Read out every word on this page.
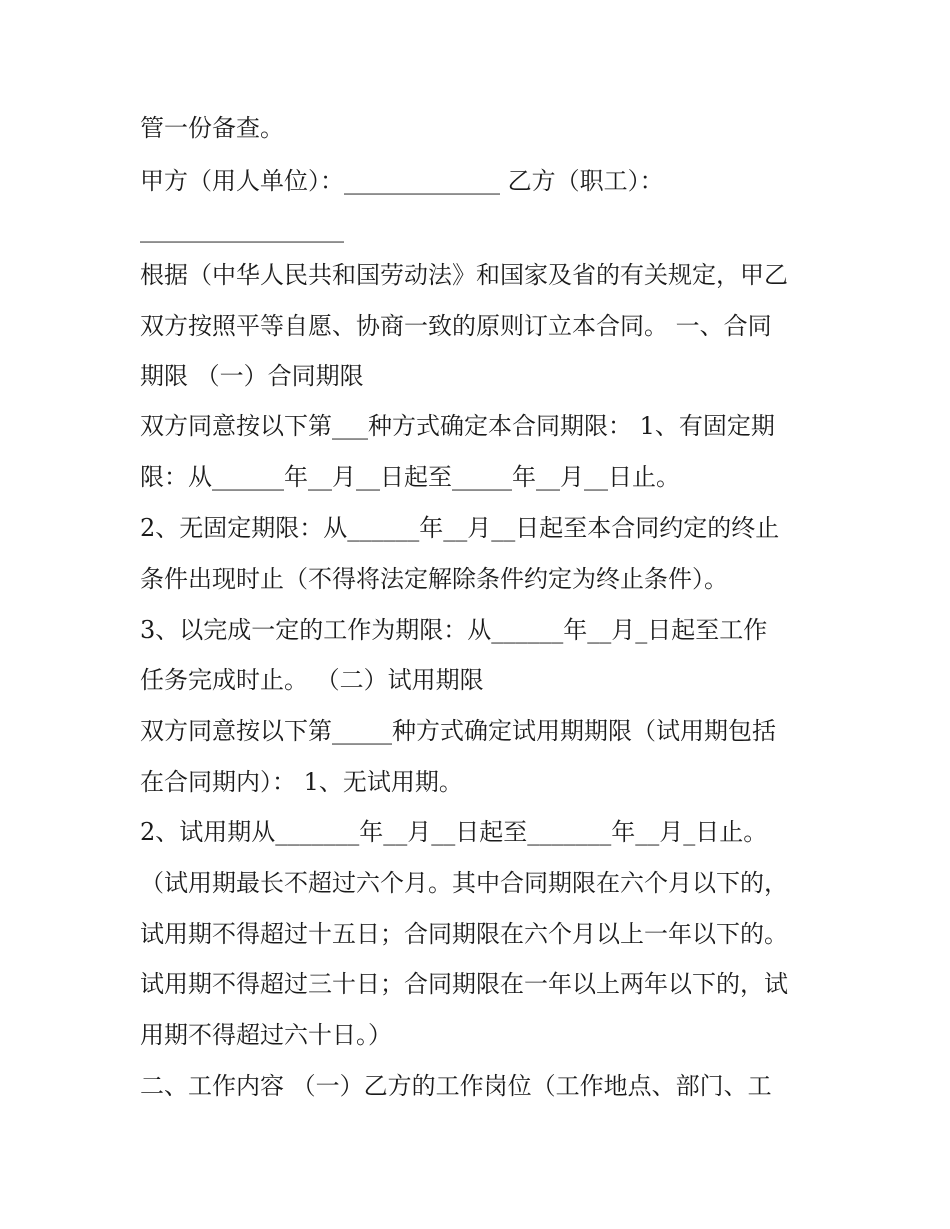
管一份备查。
甲方（用人单位）：_____________ 乙方（职工）：
_________________
根据（中华人民共和国劳动法》和国家及省的有关规定，甲乙
双方按照平等自愿、协商一致的原则订立本合同。 一、合同
期限 （一）合同期限
双方同意按以下第___种方式确定本合同期限： 1、有固定期
限：从______年__月__日起至_____年__月__日止。
2、无固定期限：从______年__月__日起至本合同约定的终止
条件出现时止（不得将法定解除条件约定为终止条件）。
3、以完成一定的工作为期限：从______年__月_日起至工作
任务完成时止。 （二）试用期限
双方同意按以下第_____种方式确定试用期期限（试用期包括
在合同期内）： 1、无试用期。
2、试用期从_______年__月__日起至_______年__月_日止。
（试用期最长不超过六个月。其中合同期限在六个月以下的，
试用期不得超过十五日；合同期限在六个月以上一年以下的。
试用期不得超过三十日；合同期限在一年以上两年以下的，试
用期不得超过六十日。）
二、工作内容 （一）乙方的工作岗位（工作地点、部门、工
